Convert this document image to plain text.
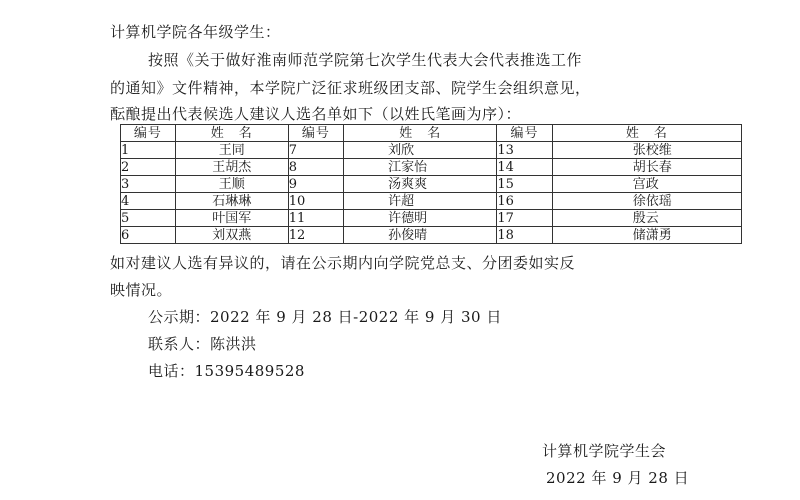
计算机学院各年级学生：
按照《关于做好淮南师范学院第七次学生代表大会代表推选工作
的通知》文件精神，本学院广泛征求班级团支部、院学生会组织意见，
酝酿提出代表候选人建议人选名单如下（以姓氏笔画为序）：
编号	姓　名	编号	姓　名	编号	姓　名
1	王同	7	刘欣	13	张校维
2	王胡杰	8	江家怡	14	胡长春
3	王顺	9	汤爽爽	15	宫政
4	石琳琳	10	许超	16	徐依瑶
5	叶国军	11	许德明	17	殷云
6	刘双燕	12	孙俊晴	18	储潇勇
如对建议人选有异议的，请在公示期内向学院党总支、分团委如实反
映情况。
公示期：2022 年 9 月 28 日-2022 年 9 月 30 日
联系人：陈洪洪
电话：15395489528
计算机学院学生会
2022 年 9 月 28 日
